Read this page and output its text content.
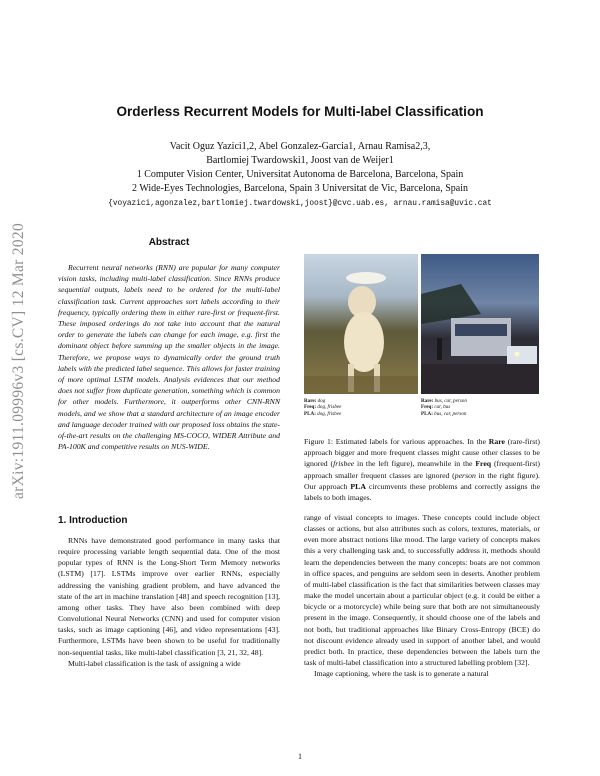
arXiv:1911.09996v3 [cs.CV] 12 Mar 2020
Orderless Recurrent Models for Multi-label Classification
Vacit Oguz Yazici1,2, Abel Gonzalez-Garcia1, Arnau Ramisa2,3,
Bartlomiej Twardowski1, Joost van de Weijer1
1 Computer Vision Center, Universitat Autonoma de Barcelona, Barcelona, Spain
2 Wide-Eyes Technologies, Barcelona, Spain 3 Universitat de Vic, Barcelona, Spain
{voyazici,agonzalez,bartlomiej.twardowski,joost}@cvc.uab.es, arnau.ramisa@uvic.cat
Abstract
Recurrent neural networks (RNN) are popular for many computer vision tasks, including multi-label classification. Since RNNs produce sequential outputs, labels need to be ordered for the multi-label classification task. Current approaches sort labels according to their frequency, typically ordering them in either rare-first or frequent-first. These imposed orderings do not take into account that the natural order to generate the labels can change for each image, e.g. first the dominant object before summing up the smaller objects in the image. Therefore, we propose ways to dynamically order the ground truth labels with the predicted label sequence. This allows for faster training of more optimal LSTM models. Analysis evidences that our method does not suffer from duplicate generation, something which is common for other models. Furthermore, it outperforms other CNN-RNN models, and we show that a standard architecture of an image encoder and language decoder trained with our proposed loss obtains the state-of-the-art results on the challenging MS-COCO, WIDER Attribute and PA-100K and competitive results on NUS-WIDE.
1. Introduction

RNNs have demonstrated good performance in many tasks that require processing variable length sequential data. One of the most popular types of RNN is the Long-Short Term Memory networks (LSTM) [17]. LSTMs improve over earlier RNNs, especially addressing the vanishing gradient problem, and have advanced the state of the art in machine translation [48] and speech recognition [13], among other tasks. They have also been combined with deep Convolutional Neural Networks (CNN) and used for computer vision tasks, such as image captioning [46], and video representations [43]. Furthermore, LSTMs have been shown to be useful for traditionally non-sequential tasks, like multi-label classification [3, 21, 32, 48].

Multi-label classification is the task of assigning a wide

Rare: dog
Freq: dog, frisbee
PLA: dog, frisbee
Rare: bus, car, person
Freq: car, bus
PLA: bus, car, person
Figure 1: Estimated labels for various approaches. In the Rare (rare-first) approach bigger and more frequent classes might cause other classes to be ignored (frisbee in the left figure), meanwhile in the Freq (frequent-first) approach smaller frequent classes are ignored (person in the right figure). Our approach PLA circumvents these problems and correctly assigns the labels to both images.

range of visual concepts to images. These concepts could include object classes or actions, but also attributes such as colors, textures, materials, or even more abstract notions like mood. The large variety of concepts makes this a very challenging task and, to successfully address it, methods should learn the dependencies between the many concepts: boats are not common in office spaces, and penguins are seldom seen in deserts. Another problem of multi-label classification is the fact that similarities between classes may make the model uncertain about a particular object (e.g. it could be either a bicycle or a motorcycle) while being sure that both are not simultaneously present in the image. Consequently, it should choose one of the labels and not both, but traditional approaches like Binary Cross-Entropy (BCE) do not discount evidence already used in support of another label, and would predict both. In practice, these dependencies between the labels turn the task of multi-label classification into a structured labelling problem [32].

Image captioning, where the task is to generate a natural

1
